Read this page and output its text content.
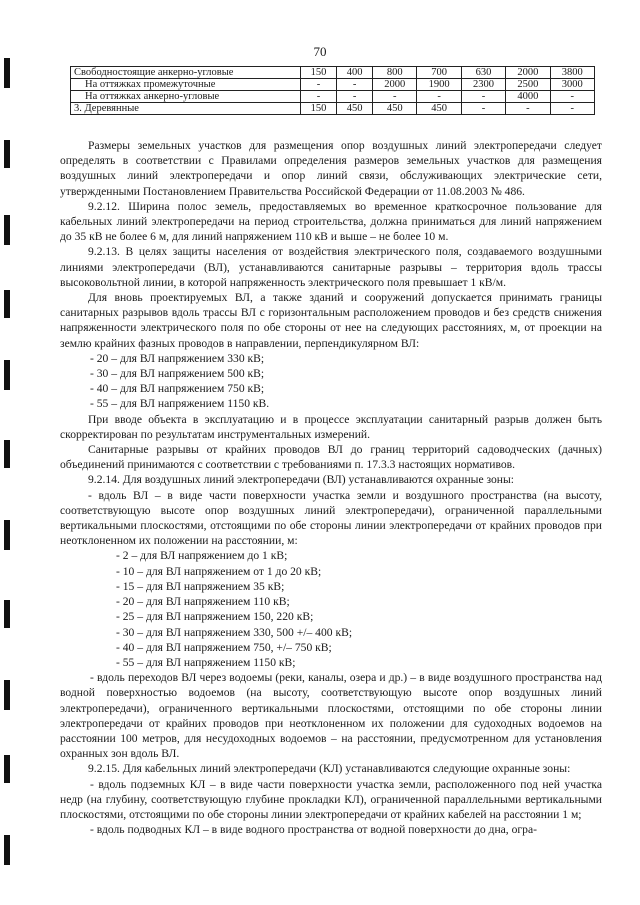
70
Свободностоящие анкерно-угловые	150	400	800	700	630	2000	3800
На оттяжках промежуточные	-	-	2000	1900	2300	2500	3000
На оттяжках анкерно-угловые	-	-	-	-	-	4000	-
3. Деревянные	150	450	450	450	-	-	-

Размеры земельных участков для размещения опор воздушных линий электропередачи следует определять в соответствии с Правилами определения размеров земельных участков для размещения воздушных линий электропередачи и опор линий связи, обслуживающих электрические сети, утвержденными Постановлением Правительства Российской Федерации от 11.08.2003 № 486.

9.2.12. Ширина полос земель, предоставляемых во временное краткосрочное пользование для кабельных линий электропередачи на период строительства, должна приниматься для линий напряжением до 35 кВ не более 6 м, для линий напряжением 110 кВ и выше – не более 10 м.

9.2.13. В целях защиты населения от воздействия электрического поля, создаваемого воздушными линиями электропередачи (ВЛ), устанавливаются санитарные разрывы – территория вдоль трассы высоковольтной линии, в которой напряженность электрического поля превышает 1 кВ/м.

Для вновь проектируемых ВЛ, а также зданий и сооружений допускается принимать границы санитарных разрывов вдоль трассы ВЛ с горизонтальным расположением проводов и без средств снижения напряженности электрического поля по обе стороны от нее на следующих расстояниях, м, от проекции на землю крайних фазных проводов в направлении, перпендикулярном ВЛ:

- 20 – для ВЛ напряжением 330 кВ;

- 30 – для ВЛ напряжением 500 кВ;

- 40 – для ВЛ напряжением 750 кВ;

- 55 – для ВЛ напряжением 1150 кВ.

При вводе объекта в эксплуатацию и в процессе эксплуатации санитарный разрыв должен быть скорректирован по результатам инструментальных измерений.

Санитарные разрывы от крайних проводов ВЛ до границ территорий садоводческих (дачных) объединений принимаются с соответствии с требованиями п. 17.3.3 настоящих нормативов.

9.2.14. Для воздушных линий электропередачи (ВЛ) устанавливаются охранные зоны:

- вдоль ВЛ – в виде части поверхности участка земли и воздушного пространства (на высоту, соответствующую высоте опор воздушных линий электропередачи), ограниченной параллельными вертикальными плоскостями, отстоящими по обе стороны линии электропередачи от крайних проводов при неотклоненном их положении на расстоянии, м:

- 2 – для ВЛ напряжением до 1 кВ;

- 10 – для ВЛ напряжением от 1 до 20 кВ;

- 15 – для ВЛ напряжением 35 кВ;

- 20 – для ВЛ напряжением 110 кВ;

- 25 – для ВЛ напряжением 150, 220 кВ;

- 30 – для ВЛ напряжением 330, 500 +/– 400 кВ;

- 40 – для ВЛ напряжением 750, +/– 750 кВ;

- 55 – для ВЛ напряжением 1150 кВ;

- вдоль переходов ВЛ через водоемы (реки, каналы, озера и др.) – в виде воздушного пространства над водной поверхностью водоемов (на высоту, соответствующую высоте опор воздушных линий электропередачи), ограниченного вертикальными плоскостями, отстоящими по обе стороны линии электропередачи от крайних проводов при неотклоненном их положении для судоходных водоемов на расстоянии 100 метров, для несудоходных водоемов – на расстоянии, предусмотренном для установления охранных зон вдоль ВЛ.

9.2.15. Для кабельных линий электропередачи (КЛ) устанавливаются следующие охранные зоны:

- вдоль подземных КЛ – в виде части поверхности участка земли, расположенного под ней участка недр (на глубину, соответствующую глубине прокладки КЛ), ограниченной параллельными вертикальными плоскостями, отстоящими по обе стороны линии электропередачи от крайних кабелей на расстоянии 1 м;

- вдоль подводных КЛ – в виде водного пространства от водной поверхности до дна, огра-
